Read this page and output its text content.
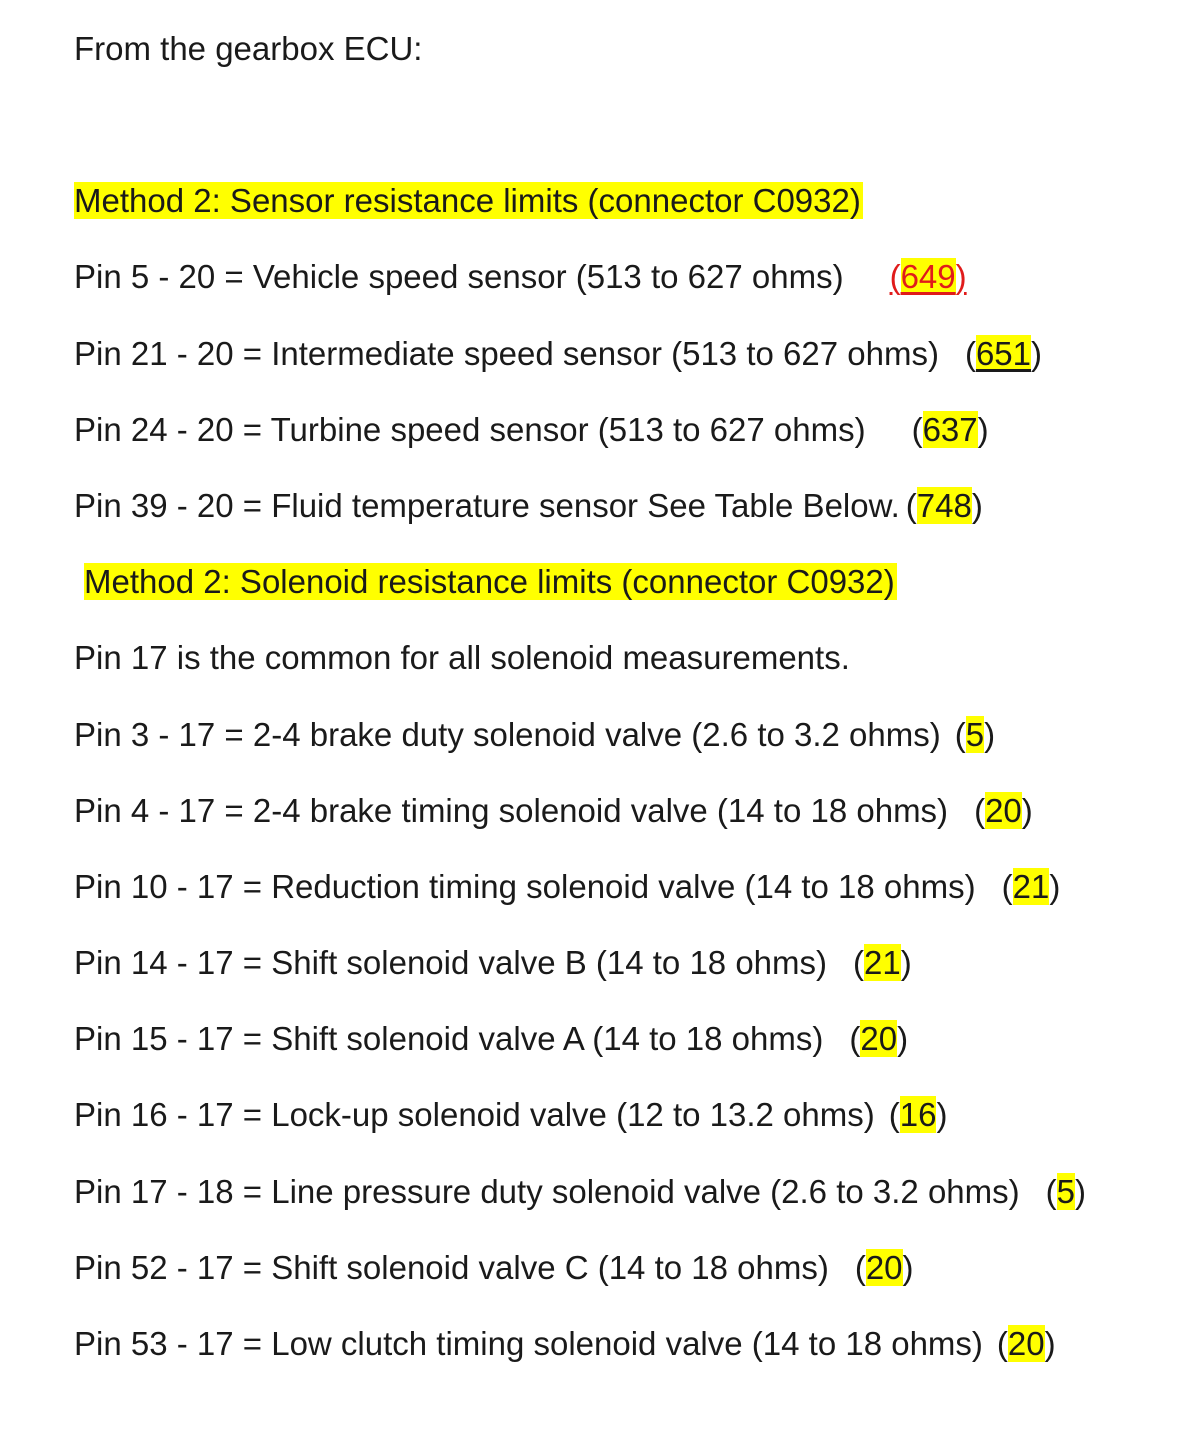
From the gearbox ECU:
Method 2: Sensor resistance limits (connector C0932)
Pin 5 - 20 = Vehicle speed sensor (513 to 627 ohms) (649)
Pin 21 - 20 = Intermediate speed sensor (513 to 627 ohms) (651)
Pin 24 - 20 = Turbine speed sensor (513 to 627 ohms) (637)
Pin 39 - 20 = Fluid temperature sensor See Table Below. (748)
Method 2: Solenoid resistance limits (connector C0932)
Pin 17 is the common for all solenoid measurements.
Pin 3 - 17 = 2-4 brake duty solenoid valve (2.6 to 3.2 ohms) (5)
Pin 4 - 17 = 2-4 brake timing solenoid valve (14 to 18 ohms) (20)
Pin 10 - 17 = Reduction timing solenoid valve (14 to 18 ohms) (21)
Pin 14 - 17 = Shift solenoid valve B (14 to 18 ohms) (21)
Pin 15 - 17 = Shift solenoid valve A (14 to 18 ohms) (20)
Pin 16 - 17 = Lock-up solenoid valve (12 to 13.2 ohms) (16)
Pin 17 - 18 = Line pressure duty solenoid valve (2.6 to 3.2 ohms) (5)
Pin 52 - 17 = Shift solenoid valve C (14 to 18 ohms) (20)
Pin 53 - 17 = Low clutch timing solenoid valve (14 to 18 ohms) (20)
